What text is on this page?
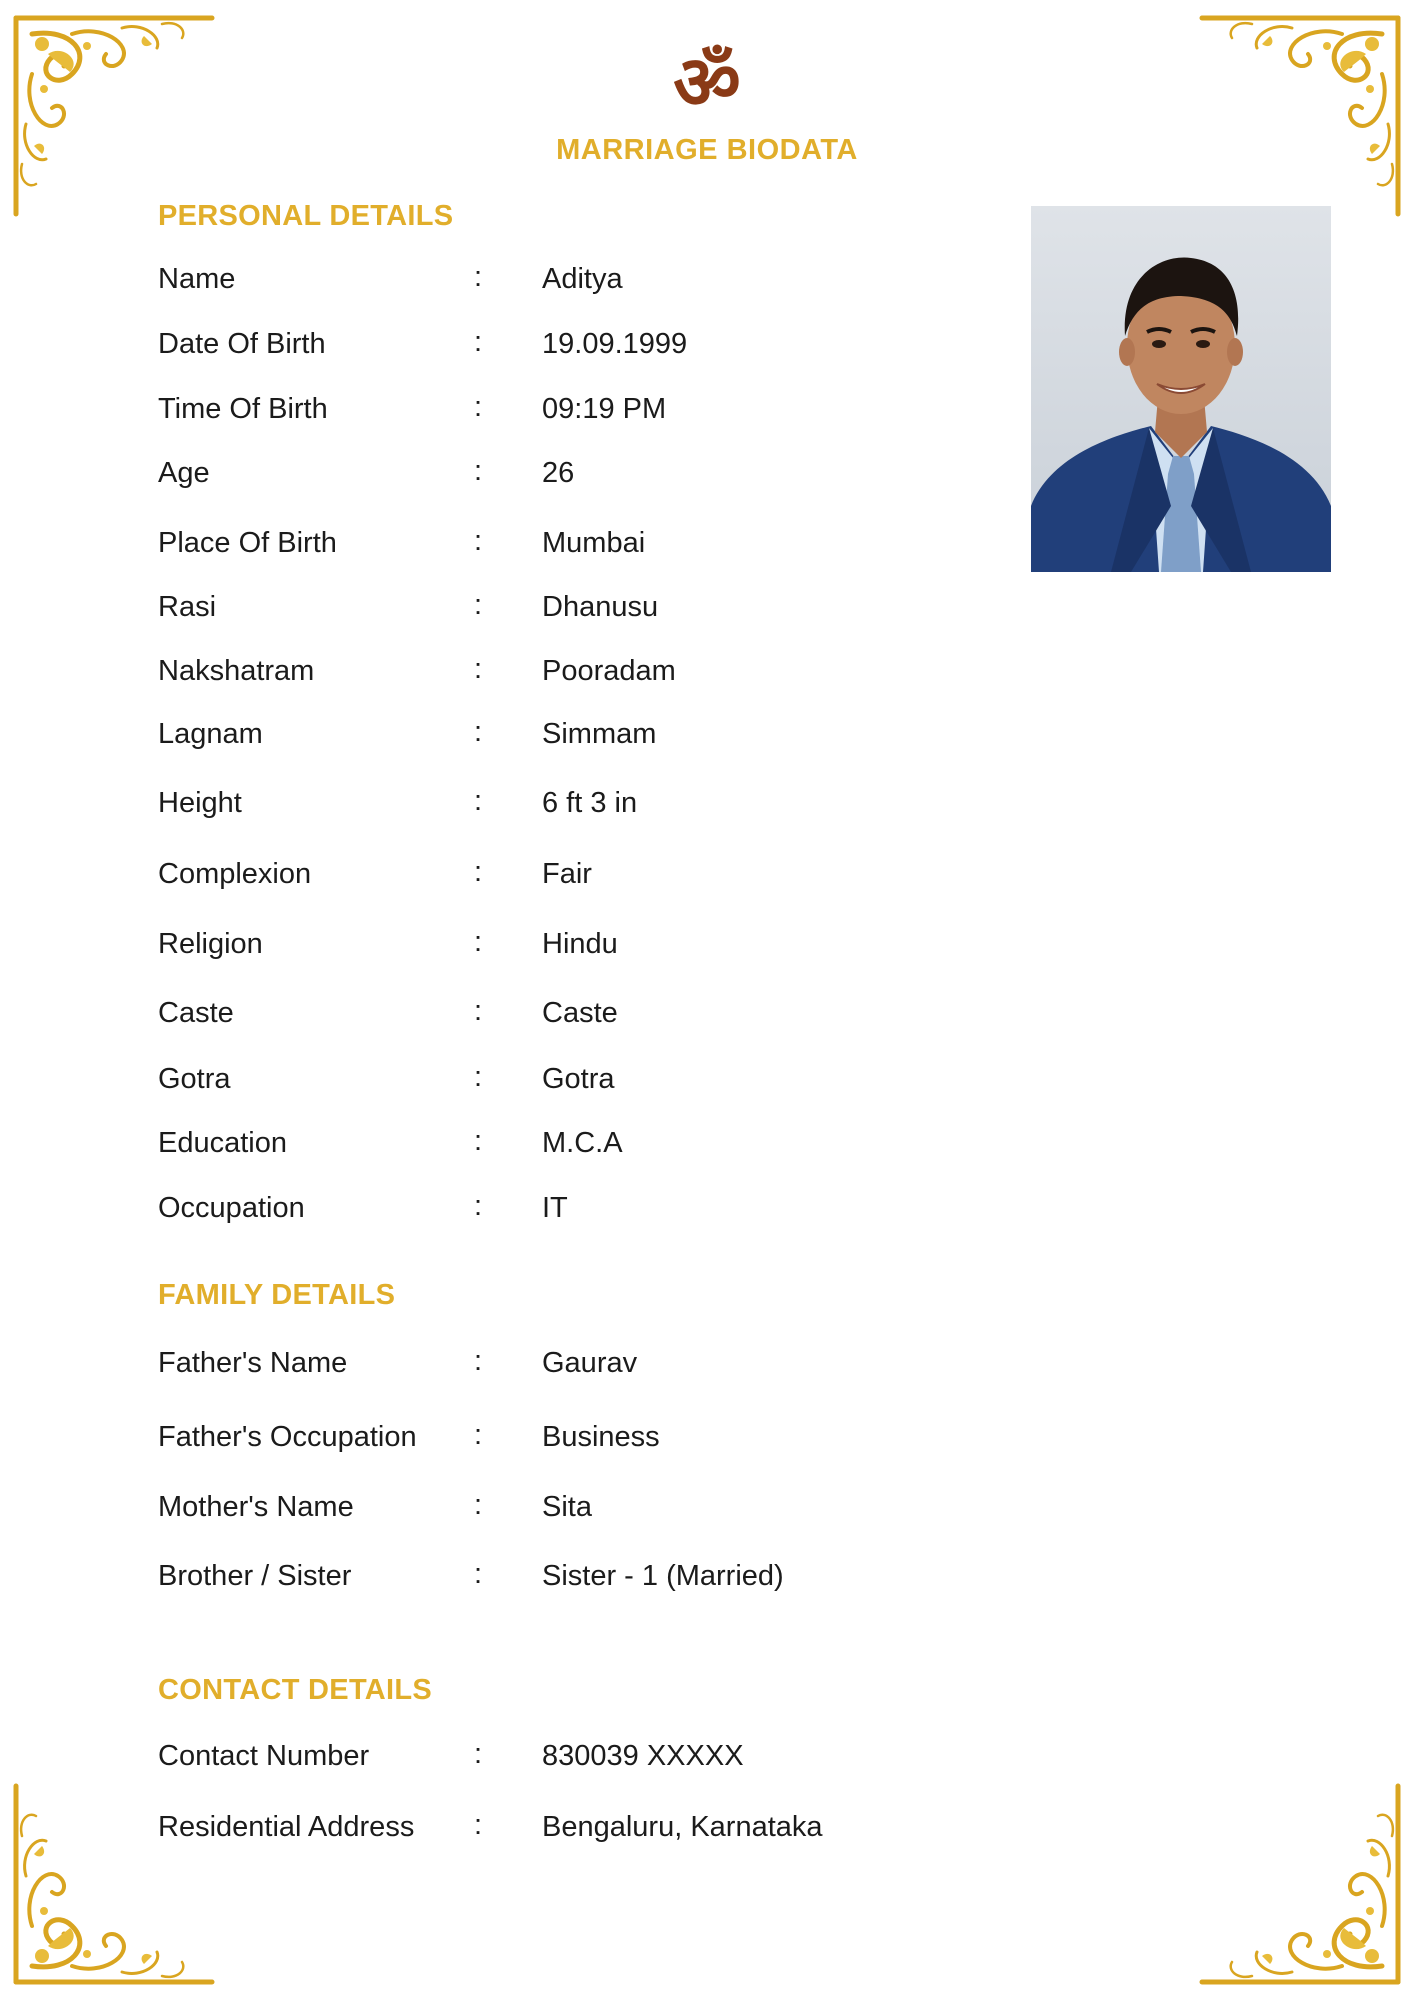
ॐ
MARRIAGE BIODATA
PERSONAL DETAILS
FAMILY DETAILS
CONTACT DETAILS
Name	: Aditya
Date Of Birth	: 19.09.1999
Time Of Birth	: 09:19 PM
Age	: 26
Place Of Birth	: Mumbai
Rasi	: Dhanusu
Nakshatram	: Pooradam
Lagnam	: Simmam
Height	: 6 ft 3 in
Complexion	: Fair
Religion	: Hindu
Caste	: Caste
Gotra	: Gotra
Education	: M.C.A
Occupation	: IT
Father's Name	: Gaurav
Father's Occupation : Business
Mother's Name	: Sita
Brother / Sister	: Sister - 1 (Married)
Contact Number	: 830039 XXXXX
Residential Address : Bengaluru, Karnataka
